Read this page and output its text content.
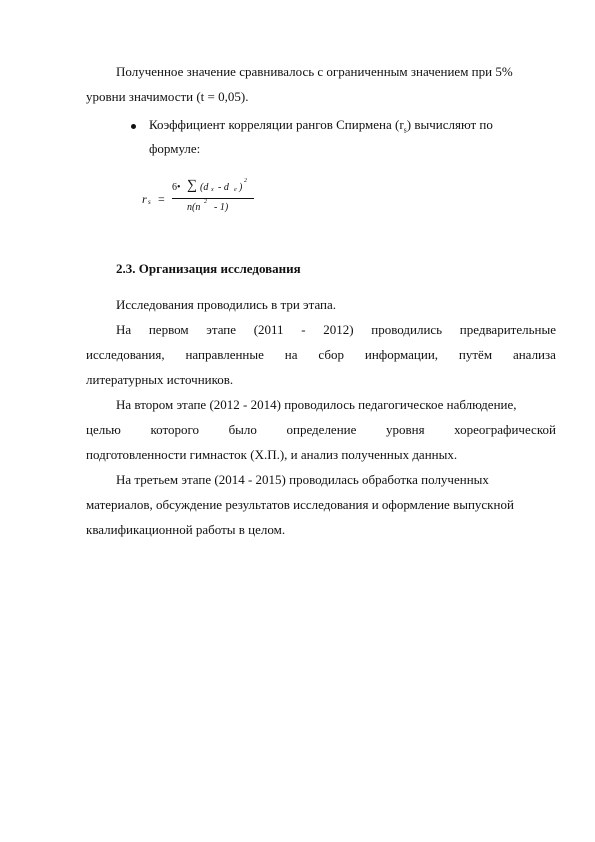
Полученное значение сравнивалось с ограниченным значением при 5%
уровни значимости (t = 0,05).
Коэффициент корреляции рангов Спирмена $(r_s)$ вычисляют по
формуле:
r s =
6• ∑ (d x - d e )
2
n(n 2 - 1)
2.3. Организация исследования
Исследования проводились в три этапа.
На первом этапе (2011 - 2012) проводились предварительные
исследования, направленные на сбор информации, путём анализа
литературных источников.
На втором этапе (2012 - 2014) проводилось педагогическое наблюдение,
целью которого было определение уровня хореографической
подготовленности гимнасток (Х.П.), и анализ полученных данных.
На третьем этапе (2014 - 2015) проводилась обработка полученных
материалов, обсуждение результатов исследования и оформление выпускной
квалификационной работы в целом.
